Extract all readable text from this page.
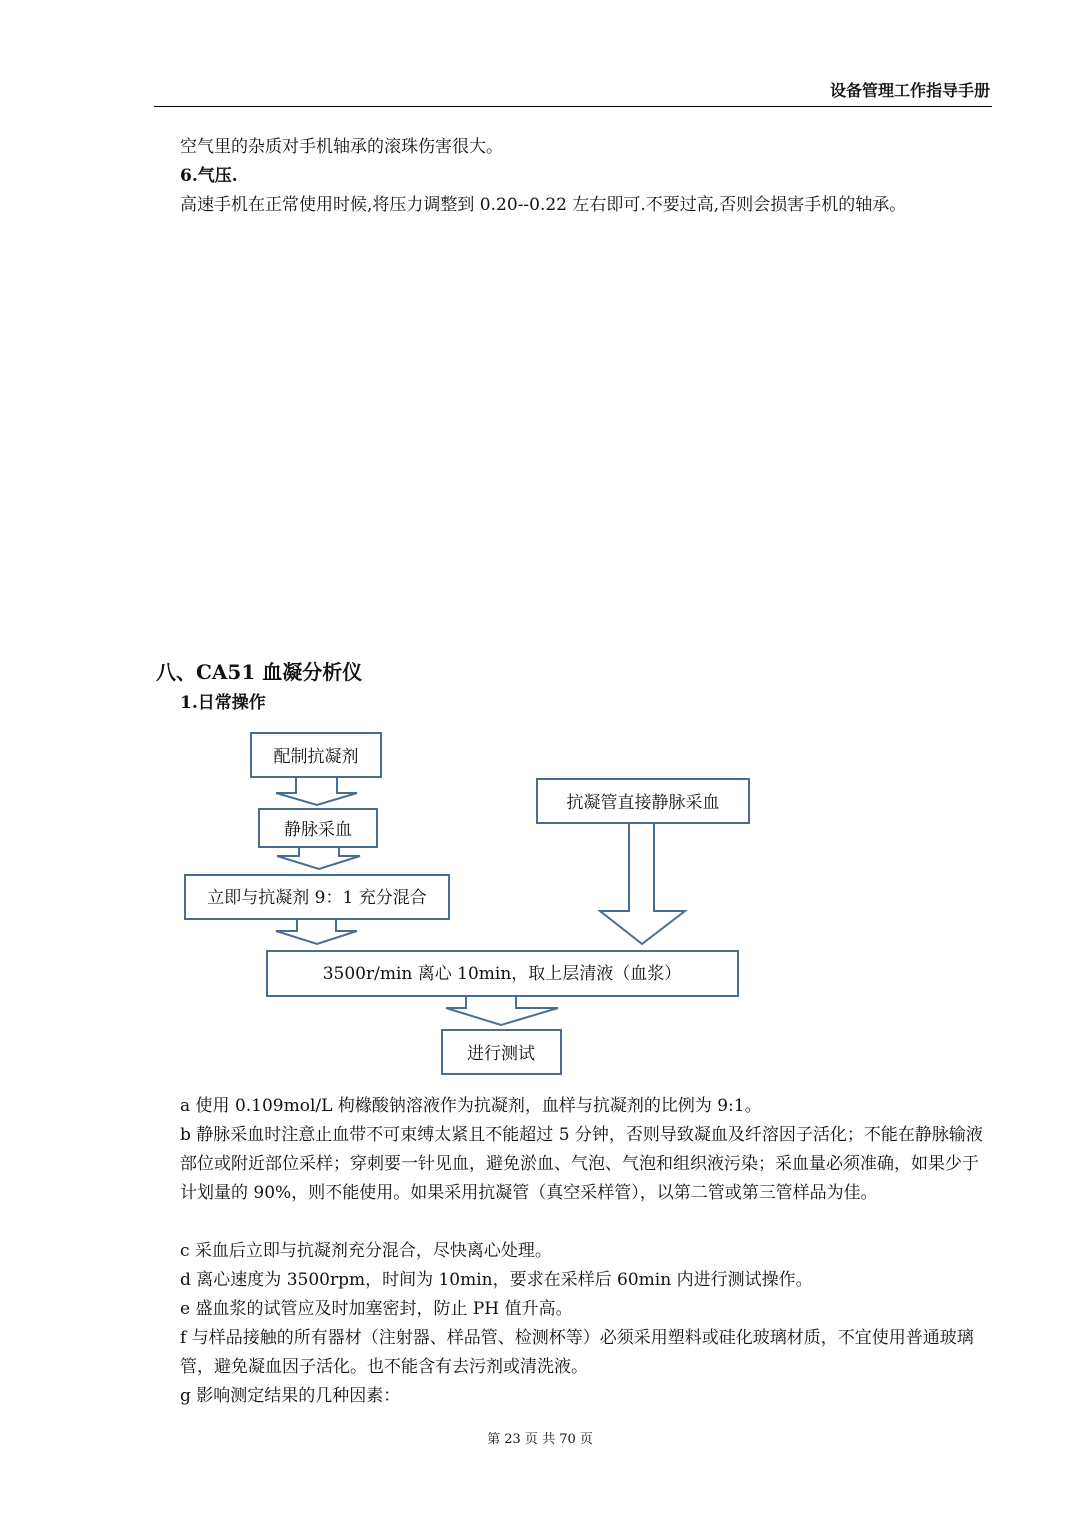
设备管理工作指导手册
空气里的杂质对手机轴承的滚珠伤害很大。
6.气压.
高速手机在正常使用时候,将压力调整到 0.20--0.22 左右即可.不要过高,否则会损害手机的轴承。
八、CA51 血凝分析仪
1.日常操作
配制抗凝剂
静脉采血
立即与抗凝剂 9：1 充分混合
抗凝管直接静脉采血
3500r/min 离心 10min，取上层清液（血浆）
进行测试
a 使用 0.109mol/L 枸橼酸钠溶液作为抗凝剂，血样与抗凝剂的比例为 9:1。
b 静脉采血时注意止血带不可束缚太紧且不能超过 5 分钟，否则导致凝血及纤溶因子活化；不能在静脉输液部位或附近部位采样；穿刺要一针见血，避免淤血、气泡、气泡和组织液污染；采血量必须准确，如果少于计划量的 90%，则不能使用。如果采用抗凝管（真空采样管），以第二管或第三管样品为佳。
c 采血后立即与抗凝剂充分混合，尽快离心处理。
d 离心速度为 3500rpm，时间为 10min，要求在采样后 60min 内进行测试操作。
e 盛血浆的试管应及时加塞密封，防止 PH 值升高。
f 与样品接触的所有器材（注射器、样品管、检测杯等）必须采用塑料或硅化玻璃材质，不宜使用普通玻璃管，避免凝血因子活化。也不能含有去污剂或清洗液。
g 影响测定结果的几种因素：
第 23 页 共 70 页
